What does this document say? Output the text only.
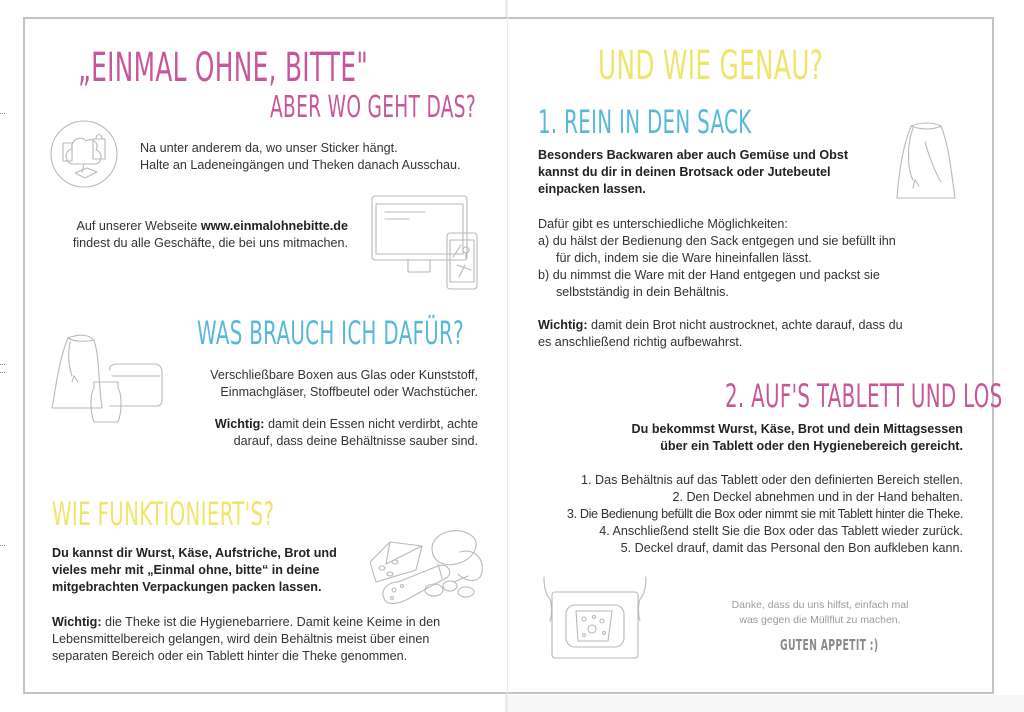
„EINMAL OHNE, BITTE"
ABER WO GEHT DAS?
Na unter anderem da, wo unser Sticker hängt.
Halte an Ladeneingängen und Theken danach Ausschau.
Auf unserer Webseite www.einmalohnebitte.de
findest du alle Geschäfte, die bei uns mitmachen.
WAS BRAUCH ICH DAFÜR?
Verschließbare Boxen aus Glas oder Kunststoff,
Einmachgläser, Stoffbeutel oder Wachstücher.
Wichtig: damit dein Essen nicht verdirbt, achte
darauf, dass deine Behältnisse sauber sind.
WIE FUNKTIONIERT'S?
Du kannst dir Wurst, Käse, Aufstriche, Brot und
vieles mehr mit „Einmal ohne, bitte“ in deine
mitgebrachten Verpackungen packen lassen.
Wichtig: die Theke ist die Hygienebarriere. Damit keine Keime in den
Lebensmittelbereich gelangen, wird dein Behältnis meist über einen
separaten Bereich oder ein Tablett hinter die Theke genommen.
UND WIE GENAU?
1. REIN IN DEN SACK
Besonders Backwaren aber auch Gemüse und Obst
kannst du dir in deinen Brotsack oder Jutebeutel
einpacken lassen.
Dafür gibt es unterschiedliche Möglichkeiten:
a) du hälst der Bedienung den Sack entgegen und sie befüllt ihn
für dich, indem sie die Ware hineinfallen lässt.
b) du nimmst die Ware mit der Hand entgegen und packst sie
selbstständig in dein Behältnis.
Wichtig: damit dein Brot nicht austrocknet, achte darauf, dass du
es anschließend richtig aufbewahrst.
2. AUF'S TABLETT UND LOS
Du bekommst Wurst, Käse, Brot und dein Mittagsessen
über ein Tablett oder den Hygienebereich gereicht.
1. Das Behältnis auf das Tablett oder den definierten Bereich stellen.
2. Den Deckel abnehmen und in der Hand behalten.
3. Die Bedienung befüllt die Box oder nimmt sie mit Tablett hinter die Theke.
4. Anschließend stellt Sie die Box oder das Tablett wieder zurück.
5. Deckel drauf, damit das Personal den Bon aufkleben kann.
Danke, dass du uns hilfst, einfach mal
was gegen die Müllflut zu machen.
GUTEN APPETIT :)
